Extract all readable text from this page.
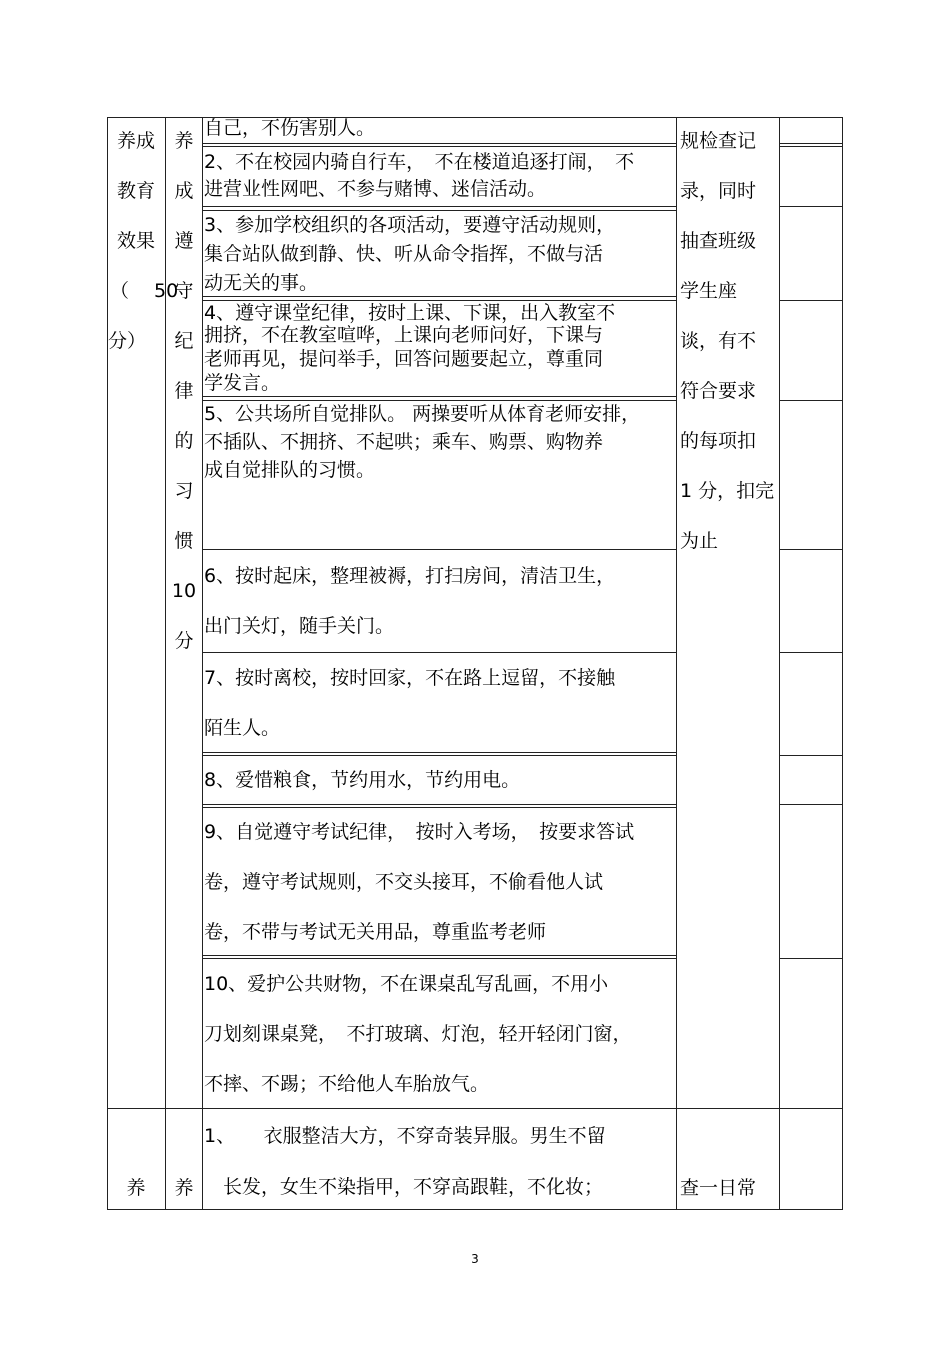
养成
教育
效果
（　 50
分）
养
成
遵
守
纪
律
的
习
惯
10
分
自己，不伤害别人。
2、不在校园内骑自行车，　不在楼道追逐打闹，　不
进营业性网吧、不参与赌博、迷信活动。
3、参加学校组织的各项活动，要遵守活动规则，
集合站队做到静、快、听从命令指挥，不做与活
动无关的事。
4、遵守课堂纪律，按时上课、下课，出入教室不
拥挤，不在教室喧哗，上课向老师问好，下课与
老师再见，提问举手，回答问题要起立，尊重同
学发言。
5、公共场所自觉排队。 两操要听从体育老师安排，
不插队、不拥挤、不起哄；乘车、购票、购物养
成自觉排队的习惯。
6、按时起床，整理被褥，打扫房间，清洁卫生，
出门关灯，随手关门。
7、按时离校，按时回家，不在路上逗留，不接触
陌生人。
8、爱惜粮食，节约用水，节约用电。
9、自觉遵守考试纪律，　按时入考场，　按要求答试
卷，遵守考试规则，不交头接耳，不偷看他人试
卷，不带与考试无关用品，尊重监考老师
10、爱护公共财物，不在课桌乱写乱画，不用小
刀划刻课桌凳，　不打玻璃、灯泡，轻开轻闭门窗，
不摔、不踢；不给他人车胎放气。
规检查记
录，同时
抽查班级
学生座
谈，有不
符合要求
的每项扣
1 分，扣完
为止
养	养
1、　　衣服整洁大方，不穿奇装异服。男生不留
　长发，女生不染指甲，不穿高跟鞋，不化妆；	查一日常
3
